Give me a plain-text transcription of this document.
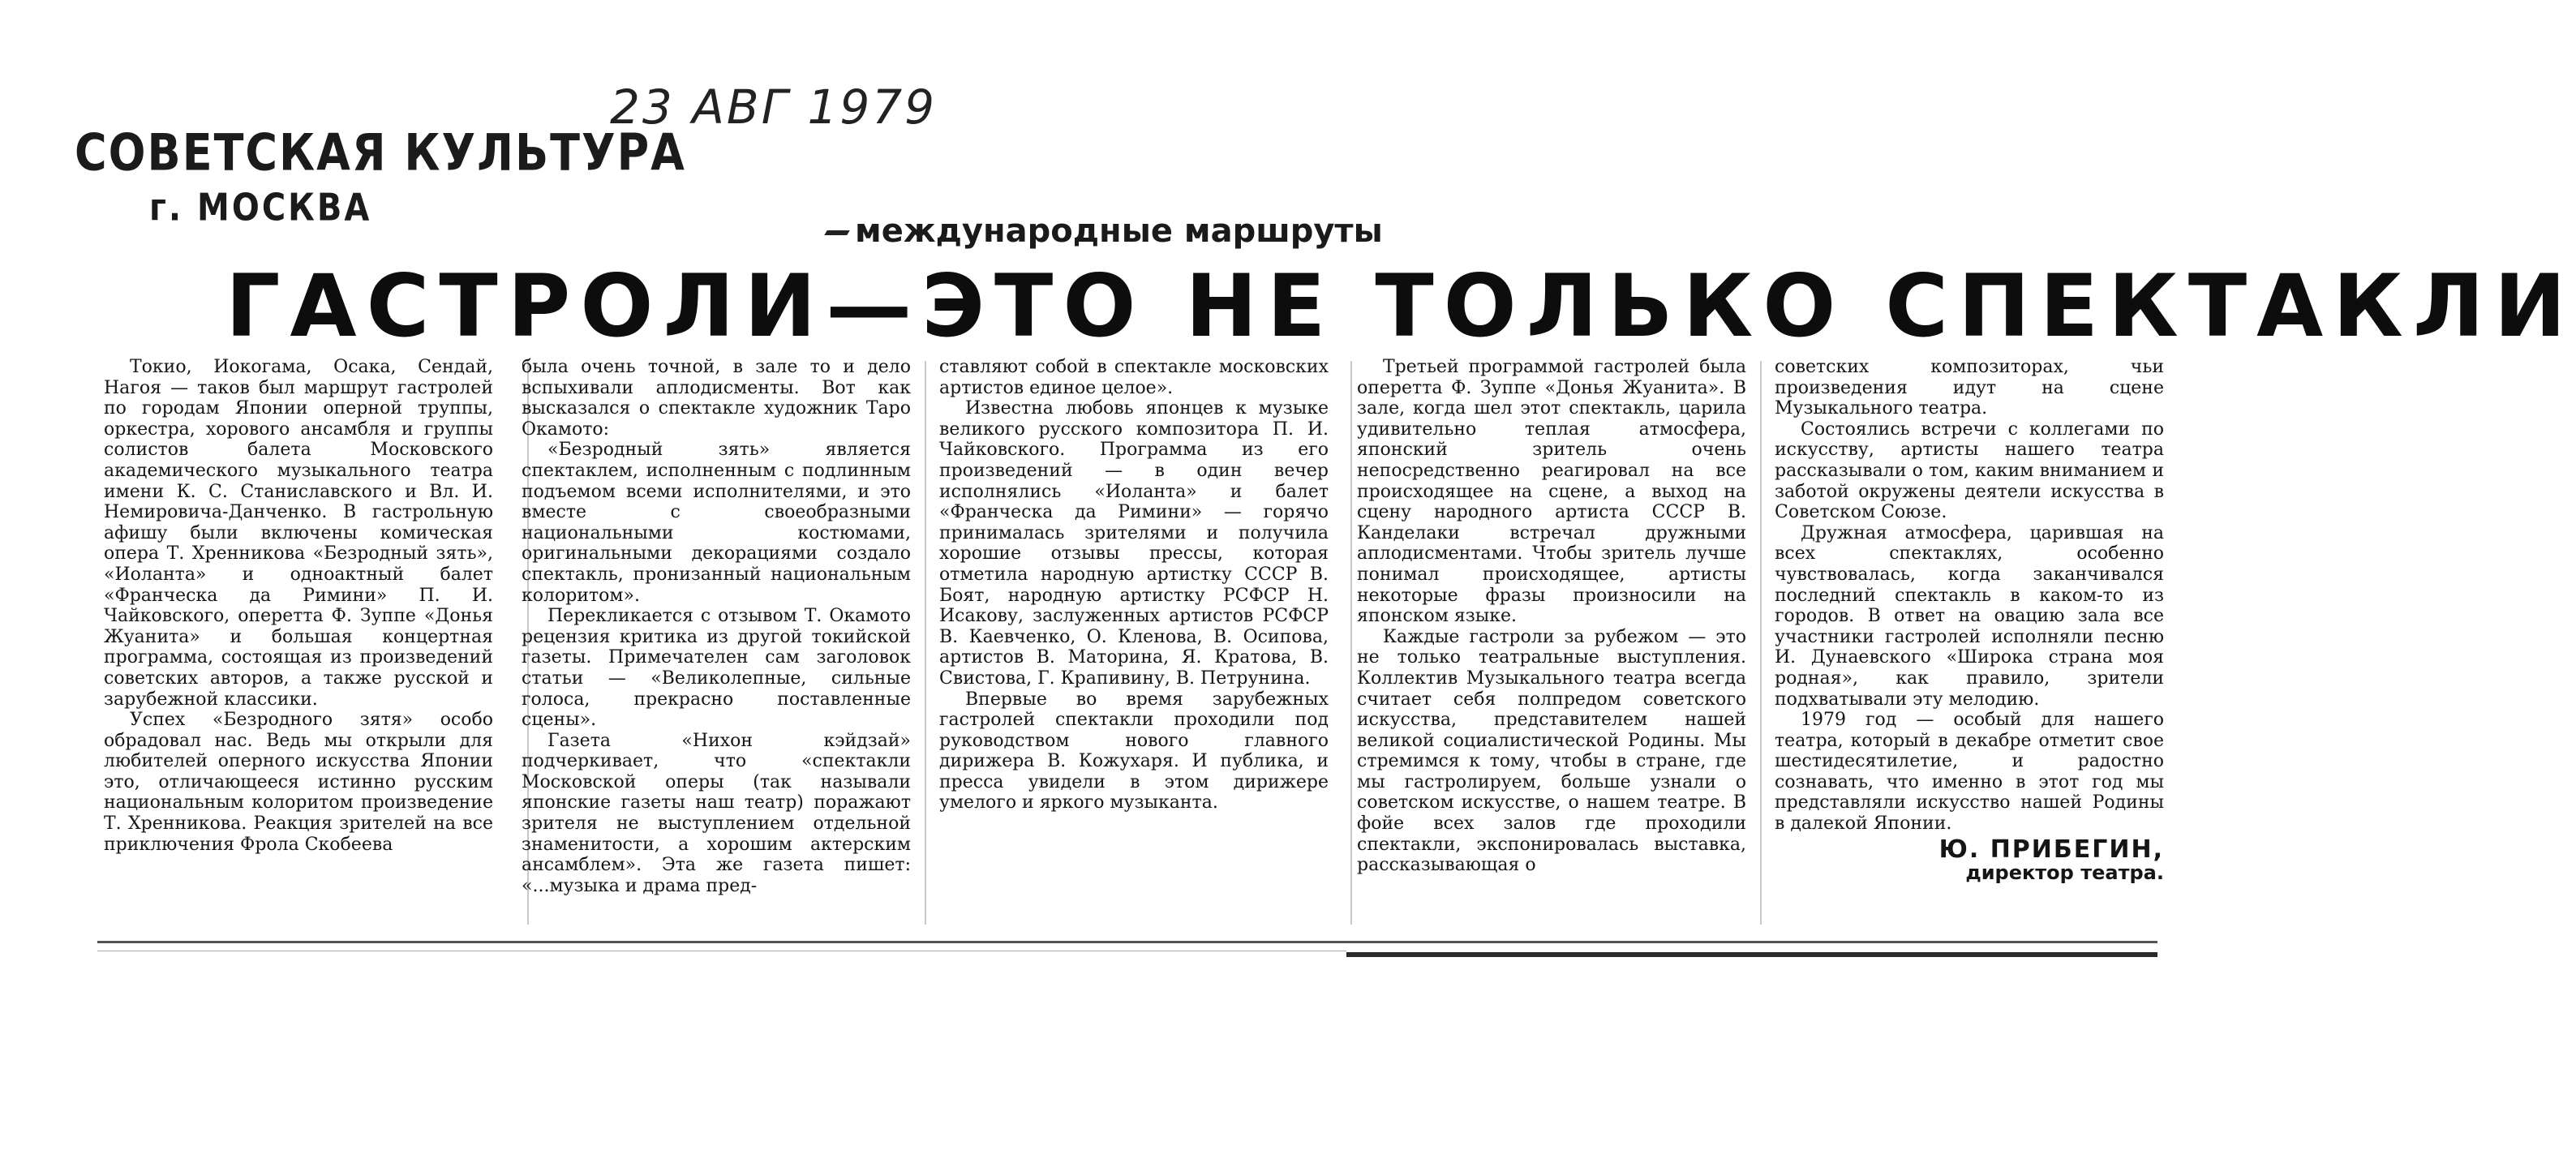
СОВЕТСКАЯ КУЛЬТУРА
г. МОСКВА
23 АВГ 1979
международные маршруты
ГАСТРОЛИ—ЭТО НЕ ТОЛЬКО СПЕКТАКЛИ

Токио, Иокогама, Осака, Сендай, Нагоя — таков был маршрут гастролей по городам Японии оперной труппы, оркестра, хорового ансамбля и группы солистов балета Московского академического музыкального театра имени К. С. Станиславского и Вл. И. Немировича-Данченко. В гастрольную афишу были включены комическая опера Т. Хренникова «Безродный зять», «Иоланта» и одноактный балет «Франческа да Римини» П. И. Чайковского, оперетта Ф. Зуппе «Донья Жуанита» и большая концертная программа, состоящая из произведений советских авторов, а также русской и зарубежной классики.

Успех «Безродного зятя» особо обрадовал нас. Ведь мы открыли для любителей оперного искусства Японии это, отличающееся истинно русским национальным колоритом произведение Т. Хренникова. Реакция зрителей на все приключения Фрола Скобеева

была очень точной, в зале то и дело вспыхивали аплодисменты. Вот как высказался о спектакле художник Таро Окамото:

«Безродный зять» является спектаклем, исполненным с подлинным подъемом всеми исполнителями, и это вместе с своеобразными национальными костюмами, оригинальными декорациями создало спектакль, пронизанный национальным колоритом».

Перекликается с отзывом Т. Окамото рецензия критика из другой токийской газеты. Примечателен сам заголовок статьи — «Великолепные, сильные голоса, прекрасно поставленные сцены».

Газета «Нихон кэйдзай» подчеркивает, что «спектакли Московской оперы (так называли японские газеты наш театр) поражают зрителя не выступлением отдельной знаменитости, а хорошим актерским ансамблем». Эта же газета пишет: «...музыка и драма пред-

ставляют собой в спектакле московских артистов единое целое».

Известна любовь японцев к музыке великого русского композитора П. И. Чайковского. Программа из его произведений — в один вечер исполнялись «Иоланта» и балет «Франческа да Римини» — горячо принималась зрителями и получила хорошие отзывы прессы, которая отметила народную артистку СССР В. Боят, народную артистку РСФСР Н. Исакову, заслуженных артистов РСФСР В. Каевченко, О. Кленова, В. Осипова, артистов В. Маторина, Я. Кратова, В. Свистова, Г. Крапивину, В. Петрунина.

Впервые во время зарубежных гастролей спектакли проходили под руководством нового главного дирижера В. Кожухаря. И публика, и пресса увидели в этом дирижере умелого и яркого музыканта.

Третьей программой гастролей была оперетта Ф. Зуппе «Донья Жуанита». В зале, когда шел этот спектакль, царила удивительно теплая атмосфера, японский зритель очень непосредственно реагировал на все происходящее на сцене, а выход на сцену народного артиста СССР В. Канделаки встречал дружными аплодисментами. Чтобы зритель лучше понимал происходящее, артисты некоторые фразы произносили на японском языке.

Каждые гастроли за рубежом — это не только театральные выступления. Коллектив Музыкального театра всегда считает себя полпредом советского искусства, представителем нашей великой социалистической Родины. Мы стремимся к тому, чтобы в стране, где мы гастролируем, больше узнали о советском искусстве, о нашем театре. В фойе всех залов где проходили спектакли, экспонировалась выставка, рассказывающая о

советских композиторах, чьи произведения идут на сцене Музыкального театра.

Состоялись встречи с коллегами по искусству, артисты нашего театра рассказывали о том, каким вниманием и заботой окружены деятели искусства в Советском Союзе.

Дружная атмосфера, царившая на всех спектаклях, особенно чувствовалась, когда заканчивался последний спектакль в каком-то из городов. В ответ на овацию зала все участники гастролей исполняли песню И. Дунаевского «Широка страна моя родная», как правило, зрители подхватывали эту мелодию.

1979 год — особый для нашего театра, который в декабре отметит свое шестидесятилетие, и радостно сознавать, что именно в этот год мы представляли искусство нашей Родины в далекой Японии.

Ю. ПРИБЕГИН,
директор театра.
